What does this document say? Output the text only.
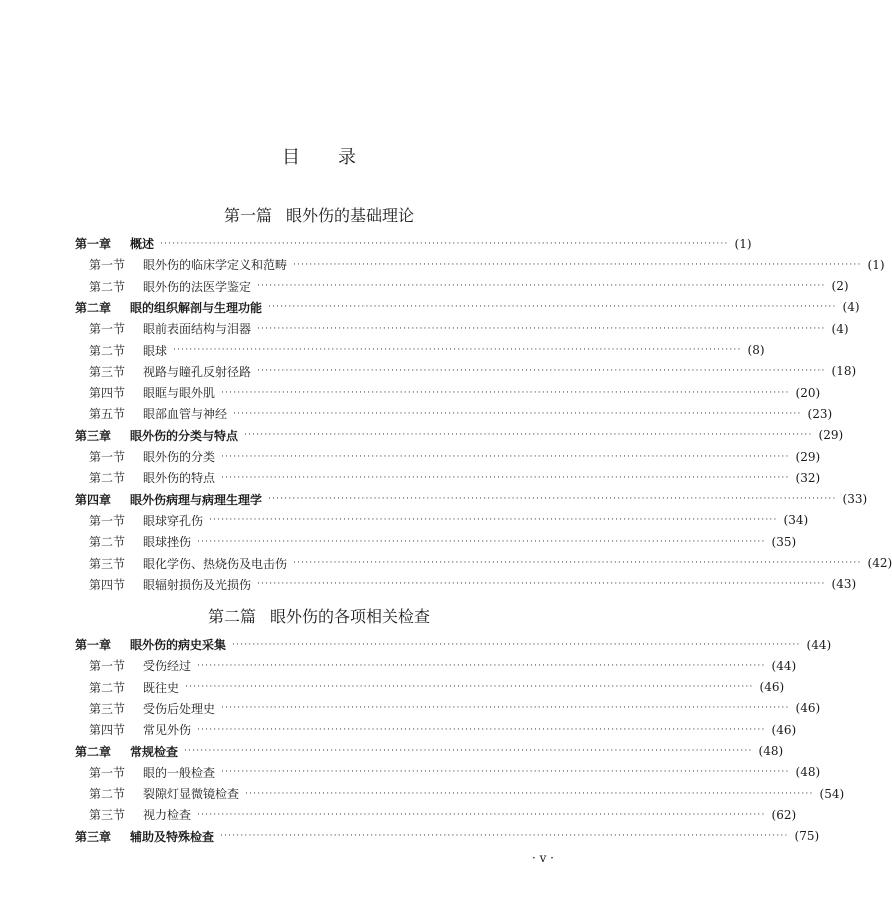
目录
第一篇 眼外伤的基础理论
第一章	概述 ············································································································································ (1)
第一节	眼外伤的临床学定义和范畴 ············································································································································ (1)
第二节	眼外伤的法医学鉴定 ············································································································································ (2)
第二章	眼的组织解剖与生理功能 ············································································································································ (4)
第一节	眼前表面结构与泪器 ············································································································································ (4)
第二节	眼球 ············································································································································ (8)
第三节	视路与瞳孔反射径路 ············································································································································ (18)
第四节	眼眶与眼外肌 ············································································································································ (20)
第五节	眼部血管与神经 ············································································································································ (23)
第三章	眼外伤的分类与特点 ············································································································································ (29)
第一节	眼外伤的分类 ············································································································································ (29)
第二节	眼外伤的特点 ············································································································································ (32)
第四章	眼外伤病理与病理生理学 ············································································································································ (33)
第一节	眼球穿孔伤 ············································································································································ (34)
第二节	眼球挫伤 ············································································································································ (35)
第三节	眼化学伤、热烧伤及电击伤 ············································································································································ (42)
第四节	眼辐射损伤及光损伤 ············································································································································ (43)
第二篇 眼外伤的各项相关检查
第一章	眼外伤的病史采集 ············································································································································ (44)
第一节	受伤经过 ············································································································································ (44)
第二节	既往史 ············································································································································ (46)
第三节	受伤后处理史 ············································································································································ (46)
第四节	常见外伤 ············································································································································ (46)
第二章	常规检查 ············································································································································ (48)
第一节	眼的一般检查 ············································································································································ (48)
第二节	裂隙灯显微镜检查 ············································································································································ (54)
第三节	视力检查 ············································································································································ (62)
第三章	辅助及特殊检查 ············································································································································ (75)
· v ·
